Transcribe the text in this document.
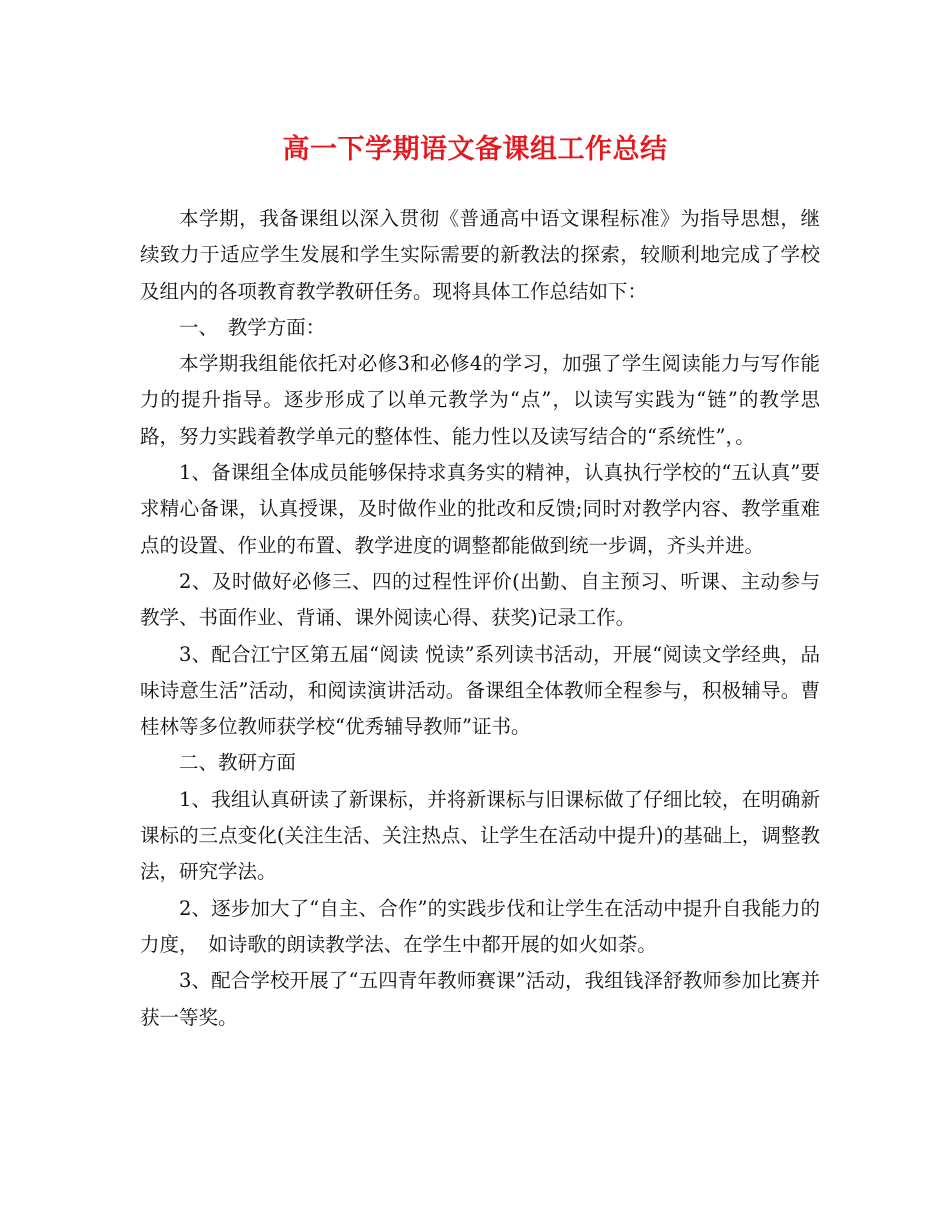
高一下学期语文备课组工作总结

本学期，我备课组以深入贯彻《普通高中语文课程标准》为指导思想，继续致力于适应学生发展和学生实际需要的新教法的探索，较顺利地完成了学校及组内的各项教育教学教研任务。现将具体工作总结如下：

一、　教学方面：

本学期我组能依托对必修3和必修4的学习，加强了学生阅读能力与写作能力的提升指导。逐步形成了以单元教学为“点”，以读写实践为“链”的教学思路，努力实践着教学单元的整体性、能力性以及读写结合的“系统性”，。

1、备课组全体成员能够保持求真务实的精神，认真执行学校的“五认真”要求精心备课，认真授课，及时做作业的批改和反馈;同时对教学内容、教学重难点的设置、作业的布置、教学进度的调整都能做到统一步调，齐头并进。

2、及时做好必修三、四的过程性评价(出勤、自主预习、听课、主动参与教学、书面作业、背诵、课外阅读心得、获奖)记录工作。

3、配合江宁区第五届“阅读 悦读”系列读书活动，开展“阅读文学经典，品味诗意生活”活动，和阅读演讲活动。备课组全体教师全程参与，积极辅导。曹桂林等多位教师获学校“优秀辅导教师”证书。

二、教研方面

1、我组认真研读了新课标，并将新课标与旧课标做了仔细比较，在明确新课标的三点变化(关注生活、关注热点、让学生在活动中提升)的基础上，调整教法，研究学法。

2、逐步加大了“自主、合作”的实践步伐和让学生在活动中提升自我能力的力度，　如诗歌的朗读教学法、在学生中都开展的如火如荼。

3、配合学校开展了“五四青年教师赛课”活动，我组钱泽舒教师参加比赛并获一等奖。
